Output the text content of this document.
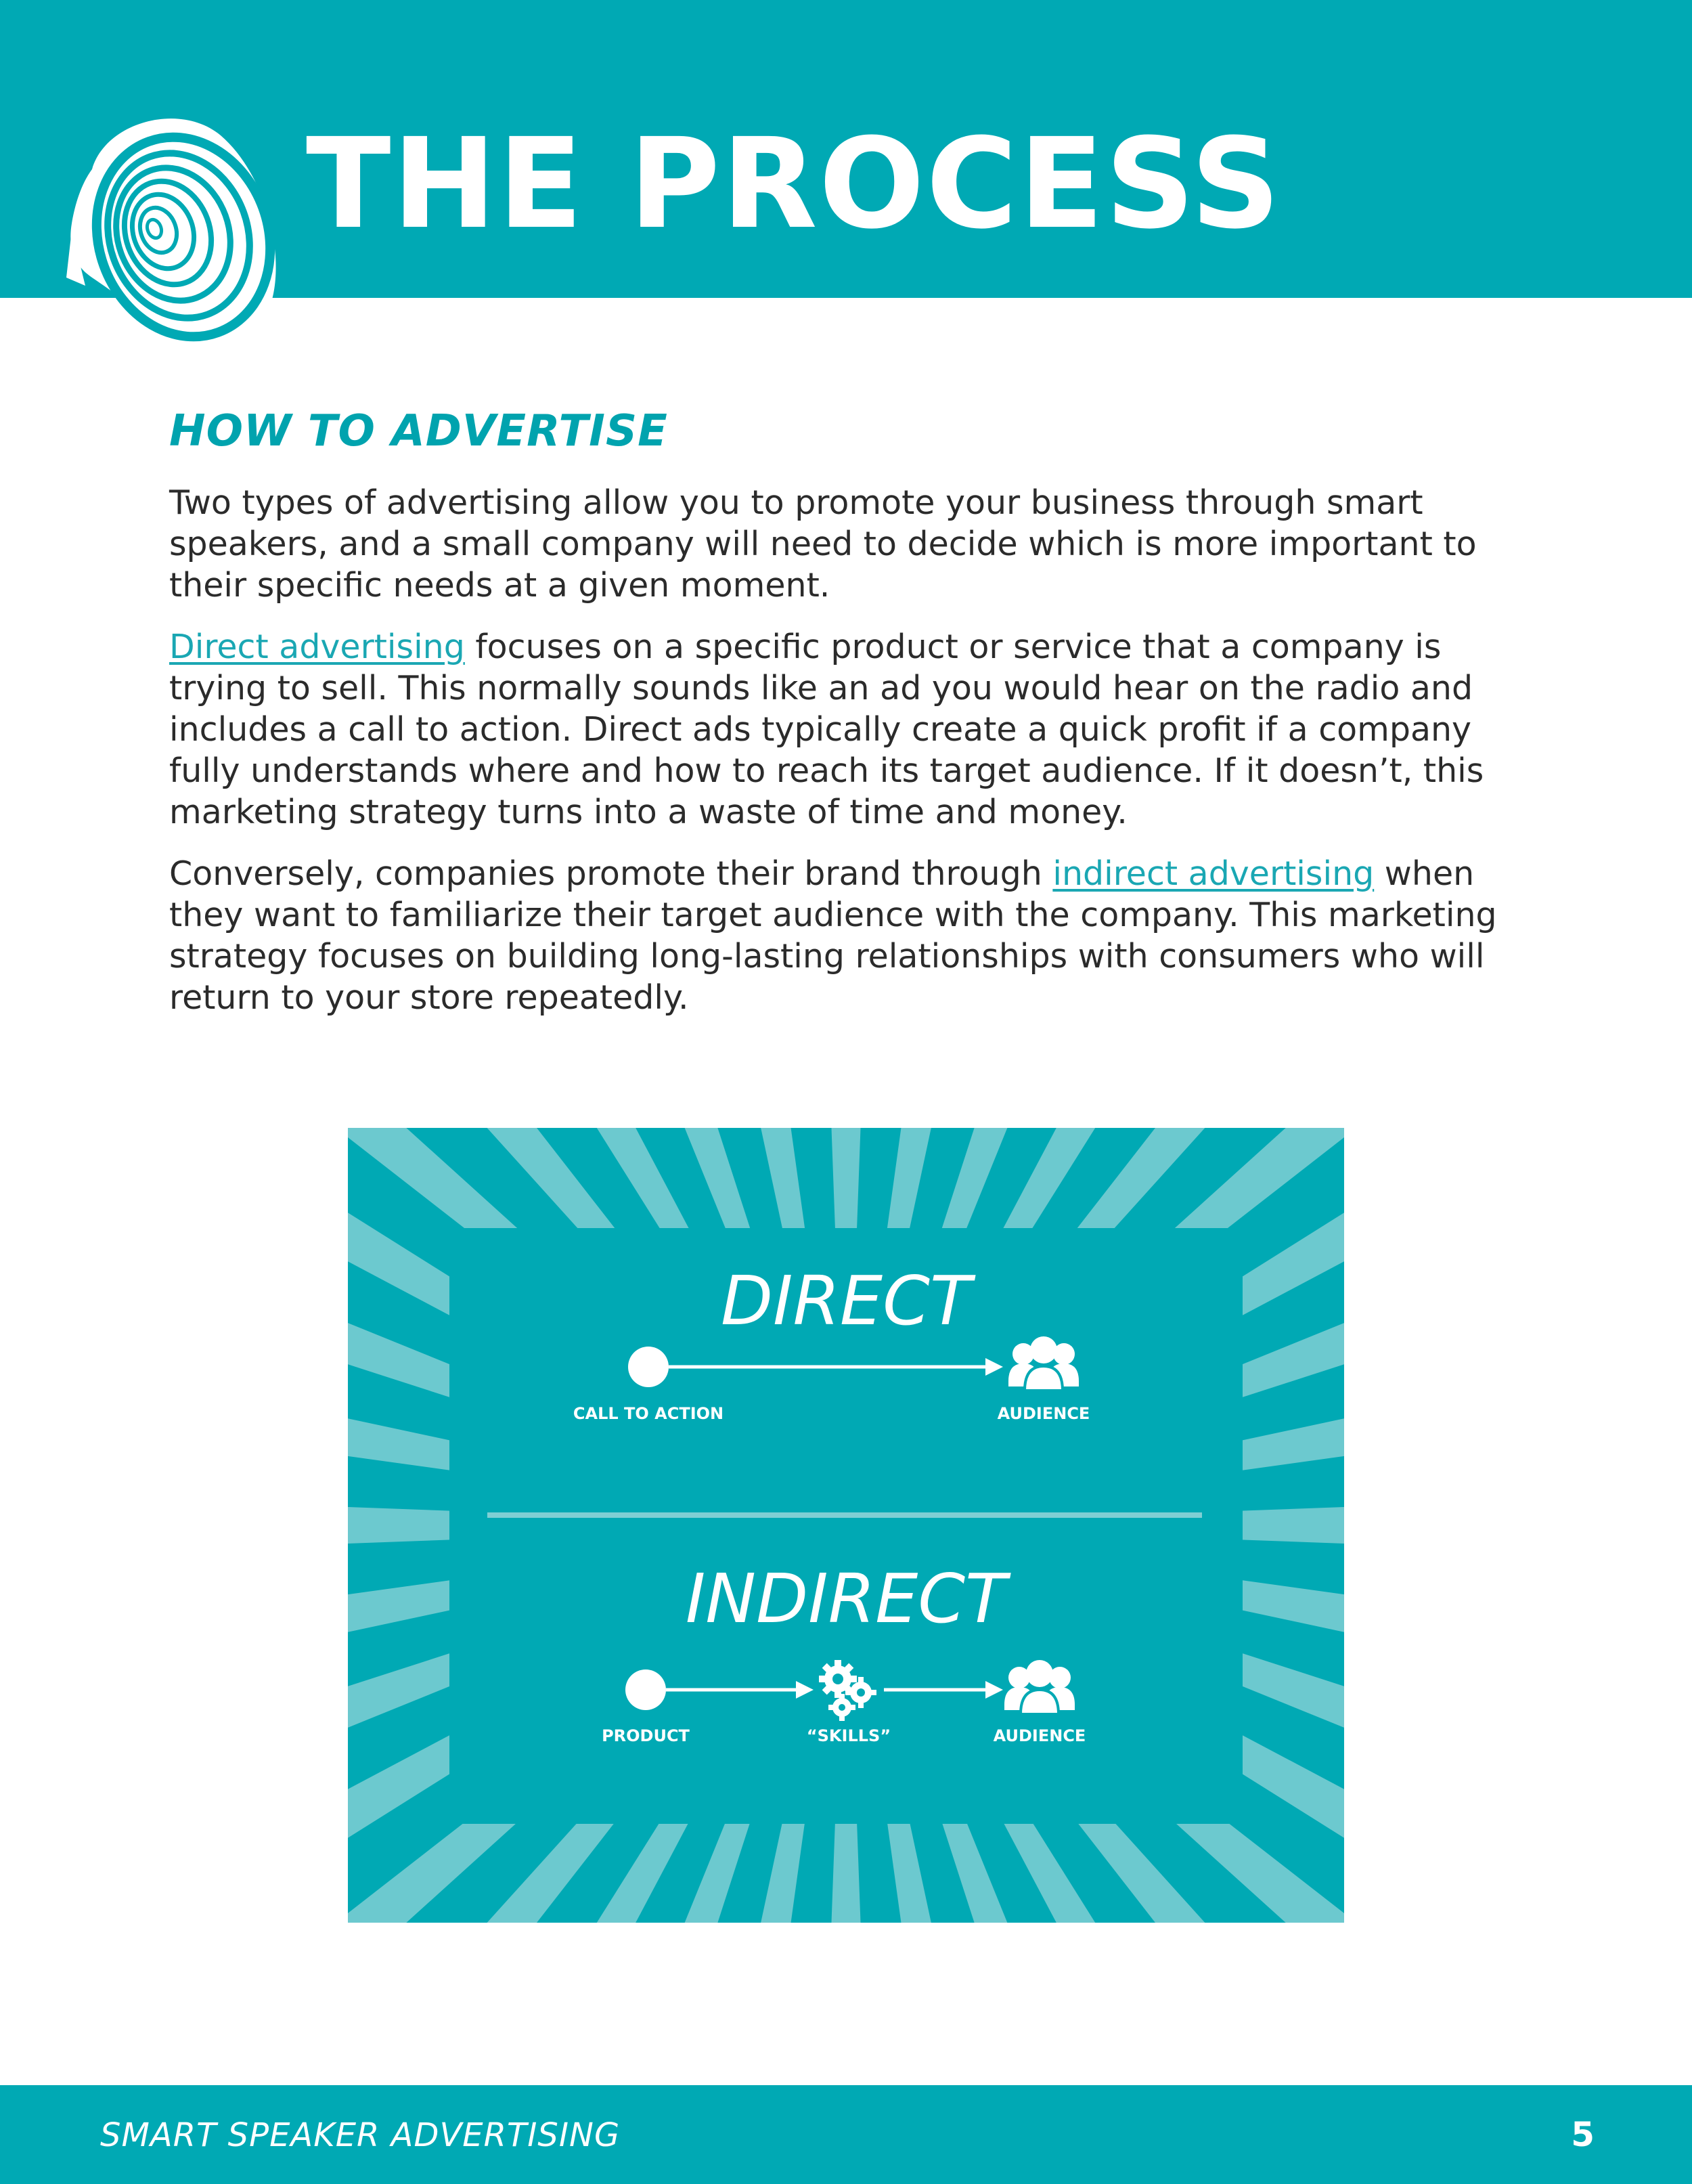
THE PROCESS
HOW TO ADVERTISE

Two types of advertising allow you to promote your business through smart speakers, and a small company will need to decide which is more important to their specific needs at a given moment.

Direct advertising focuses on a specific product or service that a company is trying to sell. This normally sounds like an ad you would hear on the radio and includes a call to action. Direct ads typically create a quick profit if a company fully understands where and how to reach its target audience. If it doesn’t, this marketing strategy turns into a waste of time and money.

Conversely, companies promote their brand through indirect advertising when they want to familiarize their target audience with the company. This marketing strategy focuses on building long-lasting relationships with consumers who will return to your store repeatedly.

DIRECT
CALL TO ACTION	AUDIENCE
INDIRECT
PRODUCT	“SKILLS”	AUDIENCE
SMART SPEAKER ADVERTISING	5
